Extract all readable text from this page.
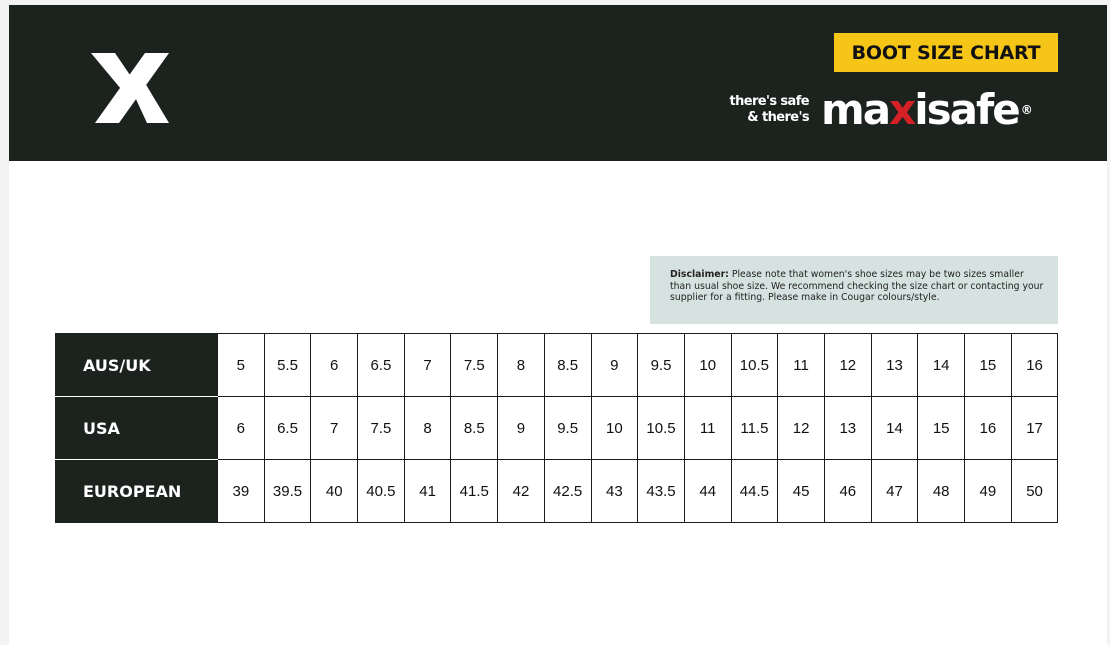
BOOT SIZE CHART
there's safe
& there's maxisafe ®
Disclaimer: Please note that women's shoe sizes may be two sizes smaller than usual shoe size. We recommend checking the size chart or contacting your supplier for a fitting. Please make in Cougar colours/style.
AUS/UK	5	5.5	6	6.5	7	7.5	8	8.5	9	9.5	10	10.5	11	12	13	14	15	16
USA	6	6.5	7	7.5	8	8.5	9	9.5	10	10.5	11	11.5	12	13	14	15	16	17
EUROPEAN	39	39.5	40	40.5	41	41.5	42	42.5	43	43.5	44	44.5	45	46	47	48	49	50
